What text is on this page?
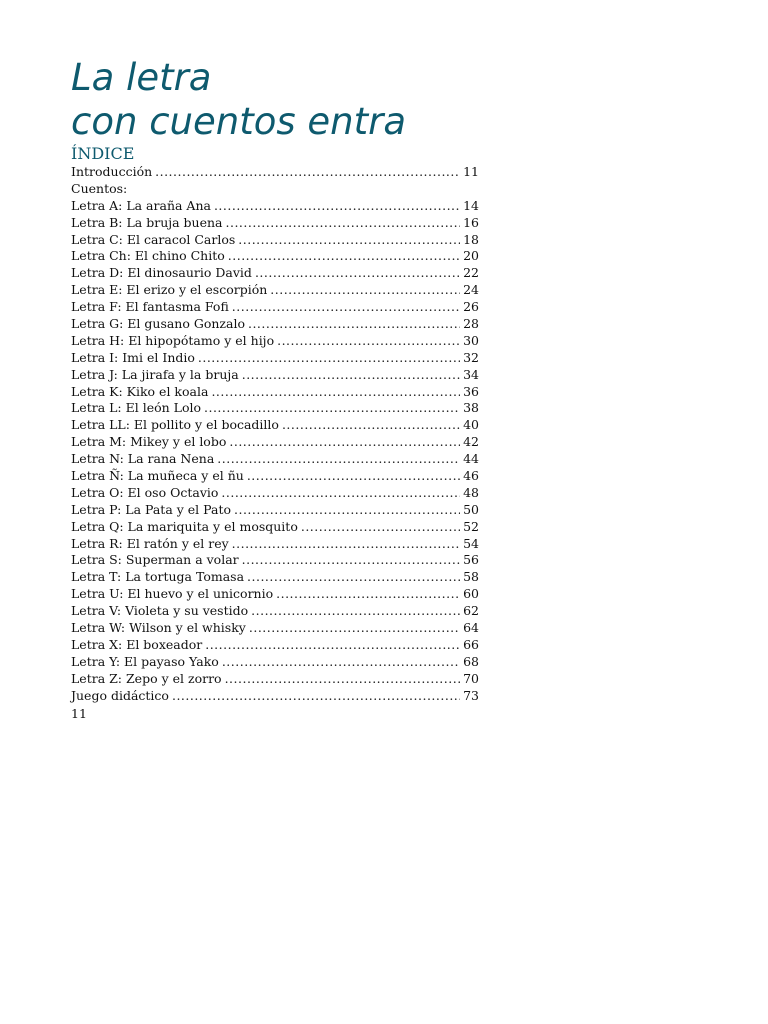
La letra
con cuentos entra
ÍNDICE
Introducción .....	11
Cuentos:
Letra A: La araña Ana .....	14
Letra B: La bruja buena .....	16
Letra C: El caracol Carlos .....	18
Letra Ch: El chino Chito .....	20
Letra D: El dinosaurio David .....	22
Letra E: El erizo y el escorpión .....	24
Letra F: El fantasma Fofi .....	26
Letra G: El gusano Gonzalo .....	28
Letra H: El hipopótamo y el hijo .....	30
Letra I: Imi el Indio .....	32
Letra J: La jirafa y la bruja .....	34
Letra K: Kiko el koala .....	36
Letra L: El león Lolo .....	38
Letra LL: El pollito y el bocadillo .....	40
Letra M: Mikey y el lobo .....	42
Letra N: La rana Nena .....	44
Letra Ñ: La muñeca y el ñu .....	46
Letra O: El oso Octavio .....	48
Letra P: La Pata y el Pato .....	50
Letra Q: La mariquita y el mosquito .....	52
Letra R: El ratón y el rey .....	54
Letra S: Superman a volar .....	56
Letra T: La tortuga Tomasa .....	58
Letra U: El huevo y el unicornio .....	60
Letra V: Violeta y su vestido .....	62
Letra W: Wilson y el whisky .....	64
Letra X: El boxeador .....	66
Letra Y: El payaso Yako .....	68
Letra Z: Zepo y el zorro .....	70
Juego didáctico .....	73
11
